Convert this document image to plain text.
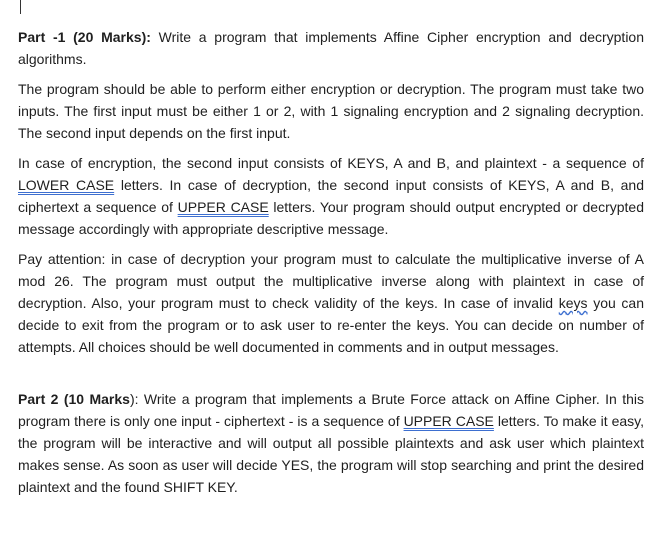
Part -1 (20 Marks): Write a program that implements Affine Cipher encryption and decryption algorithms.

The program should be able to perform either encryption or decryption. The program must take two inputs. The first input must be either 1 or 2, with 1 signaling encryption and 2 signaling decryption. The second input depends on the first input.

In case of encryption, the second input consists of KEYS, A and B, and plaintext - a sequence of LOWER CASE letters. In case of decryption, the second input consists of KEYS, A and B, and ciphertext a sequence of UPPER CASE letters. Your program should output encrypted or decrypted message accordingly with appropriate descriptive message.

Pay attention: in case of decryption your program must to calculate the multiplicative inverse of A mod 26. The program must output the multiplicative inverse along with plaintext in case of decryption. Also, your program must to check validity of the keys. In case of invalid keys you can decide to exit from the program or to ask user to re-enter the keys. You can decide on number of attempts. All choices should be well documented in comments and in output messages.

Part 2 (10 Marks): Write a program that implements a Brute Force attack on Affine Cipher. In this program there is only one input - ciphertext - is a sequence of UPPER CASE letters. To make it easy, the program will be interactive and will output all possible plaintexts and ask user which plaintext makes sense. As soon as user will decide YES, the program will stop searching and print the desired plaintext and the found SHIFT KEY.
